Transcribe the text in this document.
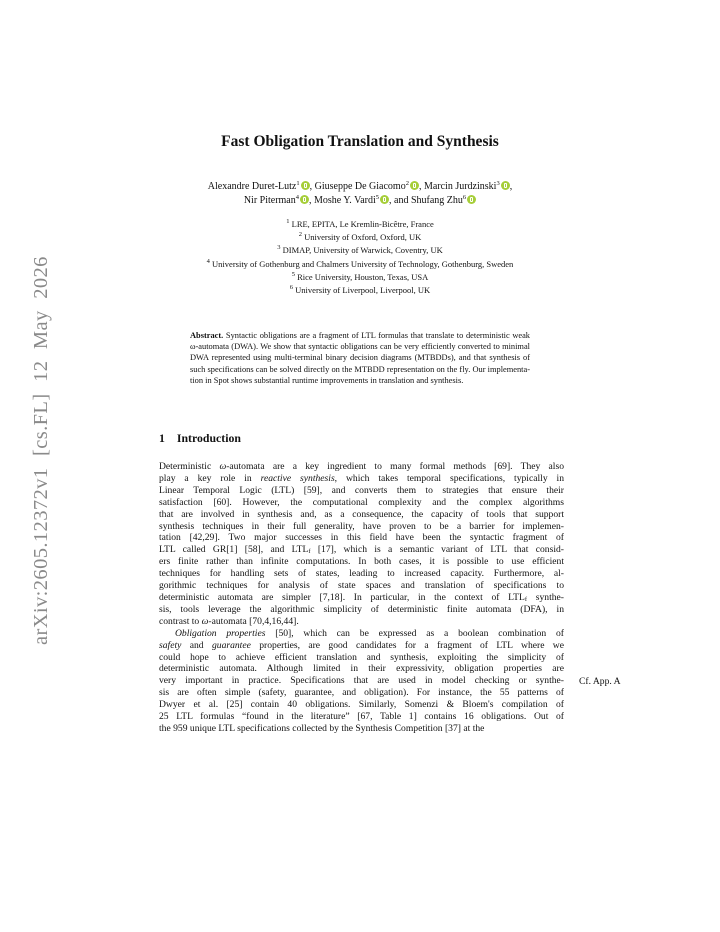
arXiv:2605.12372v1 [cs.FL] 12 May 2026
Fast Obligation Translation and Synthesis
Alexandre Duret-Lutz$^1$ , Giuseppe De Giacomo$^2$ , Marcin Jurdzinski$^3$ ,
Nir Piterman$^4$ , Moshe Y. Vardi$^5$ , and Shufang Zhu$^6$
$^1$ LRE, EPITA, Le Kremlin-Bicêtre, France
$^2$ University of Oxford, Oxford, UK
$^3$ DIMAP, University of Warwick, Coventry, UK
$^4$ University of Gothenburg and Chalmers University of Technology, Gothenburg, Sweden
$^5$ Rice University, Houston, Texas, USA
$^6$ University of Liverpool, Liverpool, UK
Abstract. Syntactic obligations are a fragment of LTL formulas that translate to deterministic weak ω-automata (DWA). We show that syntactic obligations can be very efficiently converted to minimal DWA represented using multi-terminal binary decision diagrams (MTBDDs), and that synthesis of such specifications can be solved directly on the MTBDD representation on the fly. Our implementa-tion in Spot shows substantial runtime improvements in translation and synthesis.
1 Introduction
Deterministic ω-automata are a key ingredient to many formal methods [69]. They also
play a key role in reactive synthesis, which takes temporal specifications, typically in
Linear Temporal Logic (LTL) [59], and converts them to strategies that ensure their
satisfaction [60]. However, the computational complexity and the complex algorithms
that are involved in synthesis and, as a consequence, the capacity of tools that support
synthesis techniques in their full generality, have proven to be a barrier for implemen-
tation [42,29]. Two major successes in this field have been the syntactic fragment of
LTL called GR[1] [58], and $LTL_f$ [17], which is a semantic variant of LTL that consid-
ers finite rather than infinite computations. In both cases, it is possible to use efficient
techniques for handling sets of states, leading to increased capacity. Furthermore, al-
gorithmic techniques for analysis of state spaces and translation of specifications to
deterministic automata are simpler [7,18]. In particular, in the context of $LTL_f$ synthe-
sis, tools leverage the algorithmic simplicity of deterministic finite automata (DFA), in
contrast to ω-automata [70,4,16,44].
Obligation properties [50], which can be expressed as a boolean combination of
safety and guarantee properties, are good candidates for a fragment of LTL where we
could hope to achieve efficient translation and synthesis, exploiting the simplicity of
deterministic automata. Although limited in their expressivity, obligation properties are
very important in practice. Specifications that are used in model checking or synthe-
sis are often simple (safety, guarantee, and obligation). For instance, the 55 patterns of
Dwyer et al. [25] contain 40 obligations. Similarly, Somenzi & Bloem's compilation of
25 LTL formulas “found in the literature” [67, Table 1] contains 16 obligations. Out of
the 959 unique LTL specifications collected by the Synthesis Competition [37] at the
Cf. App. A
